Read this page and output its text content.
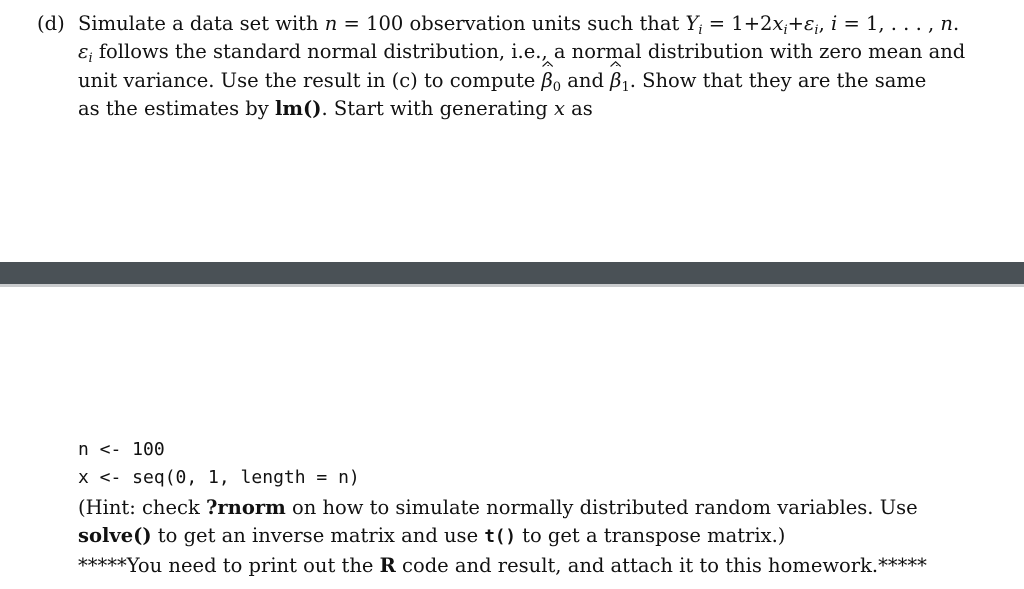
(d) Simulate a data set with n = 100 observation units such that $Y_i = 1+2x_i+\varepsilon_i$, i = 1, . . . , n.
$\varepsilon_i$ follows the standard normal distribution, i.e., a normal distribution with zero mean and
unit variance. Use the result in (c) to compute
$\beta_0$ and
$\beta_1$. Show that they are the same
as the estimates by lm(). Start with generating x as
n <- 100
x <- seq(0, 1, length = n)
(Hint: check ?rnorm on how to simulate normally distributed random variables. Use
solve() to get an inverse matrix and use t() to get a transpose matrix.)
*****You need to print out the R code and result, and attach it to this homework.*****
